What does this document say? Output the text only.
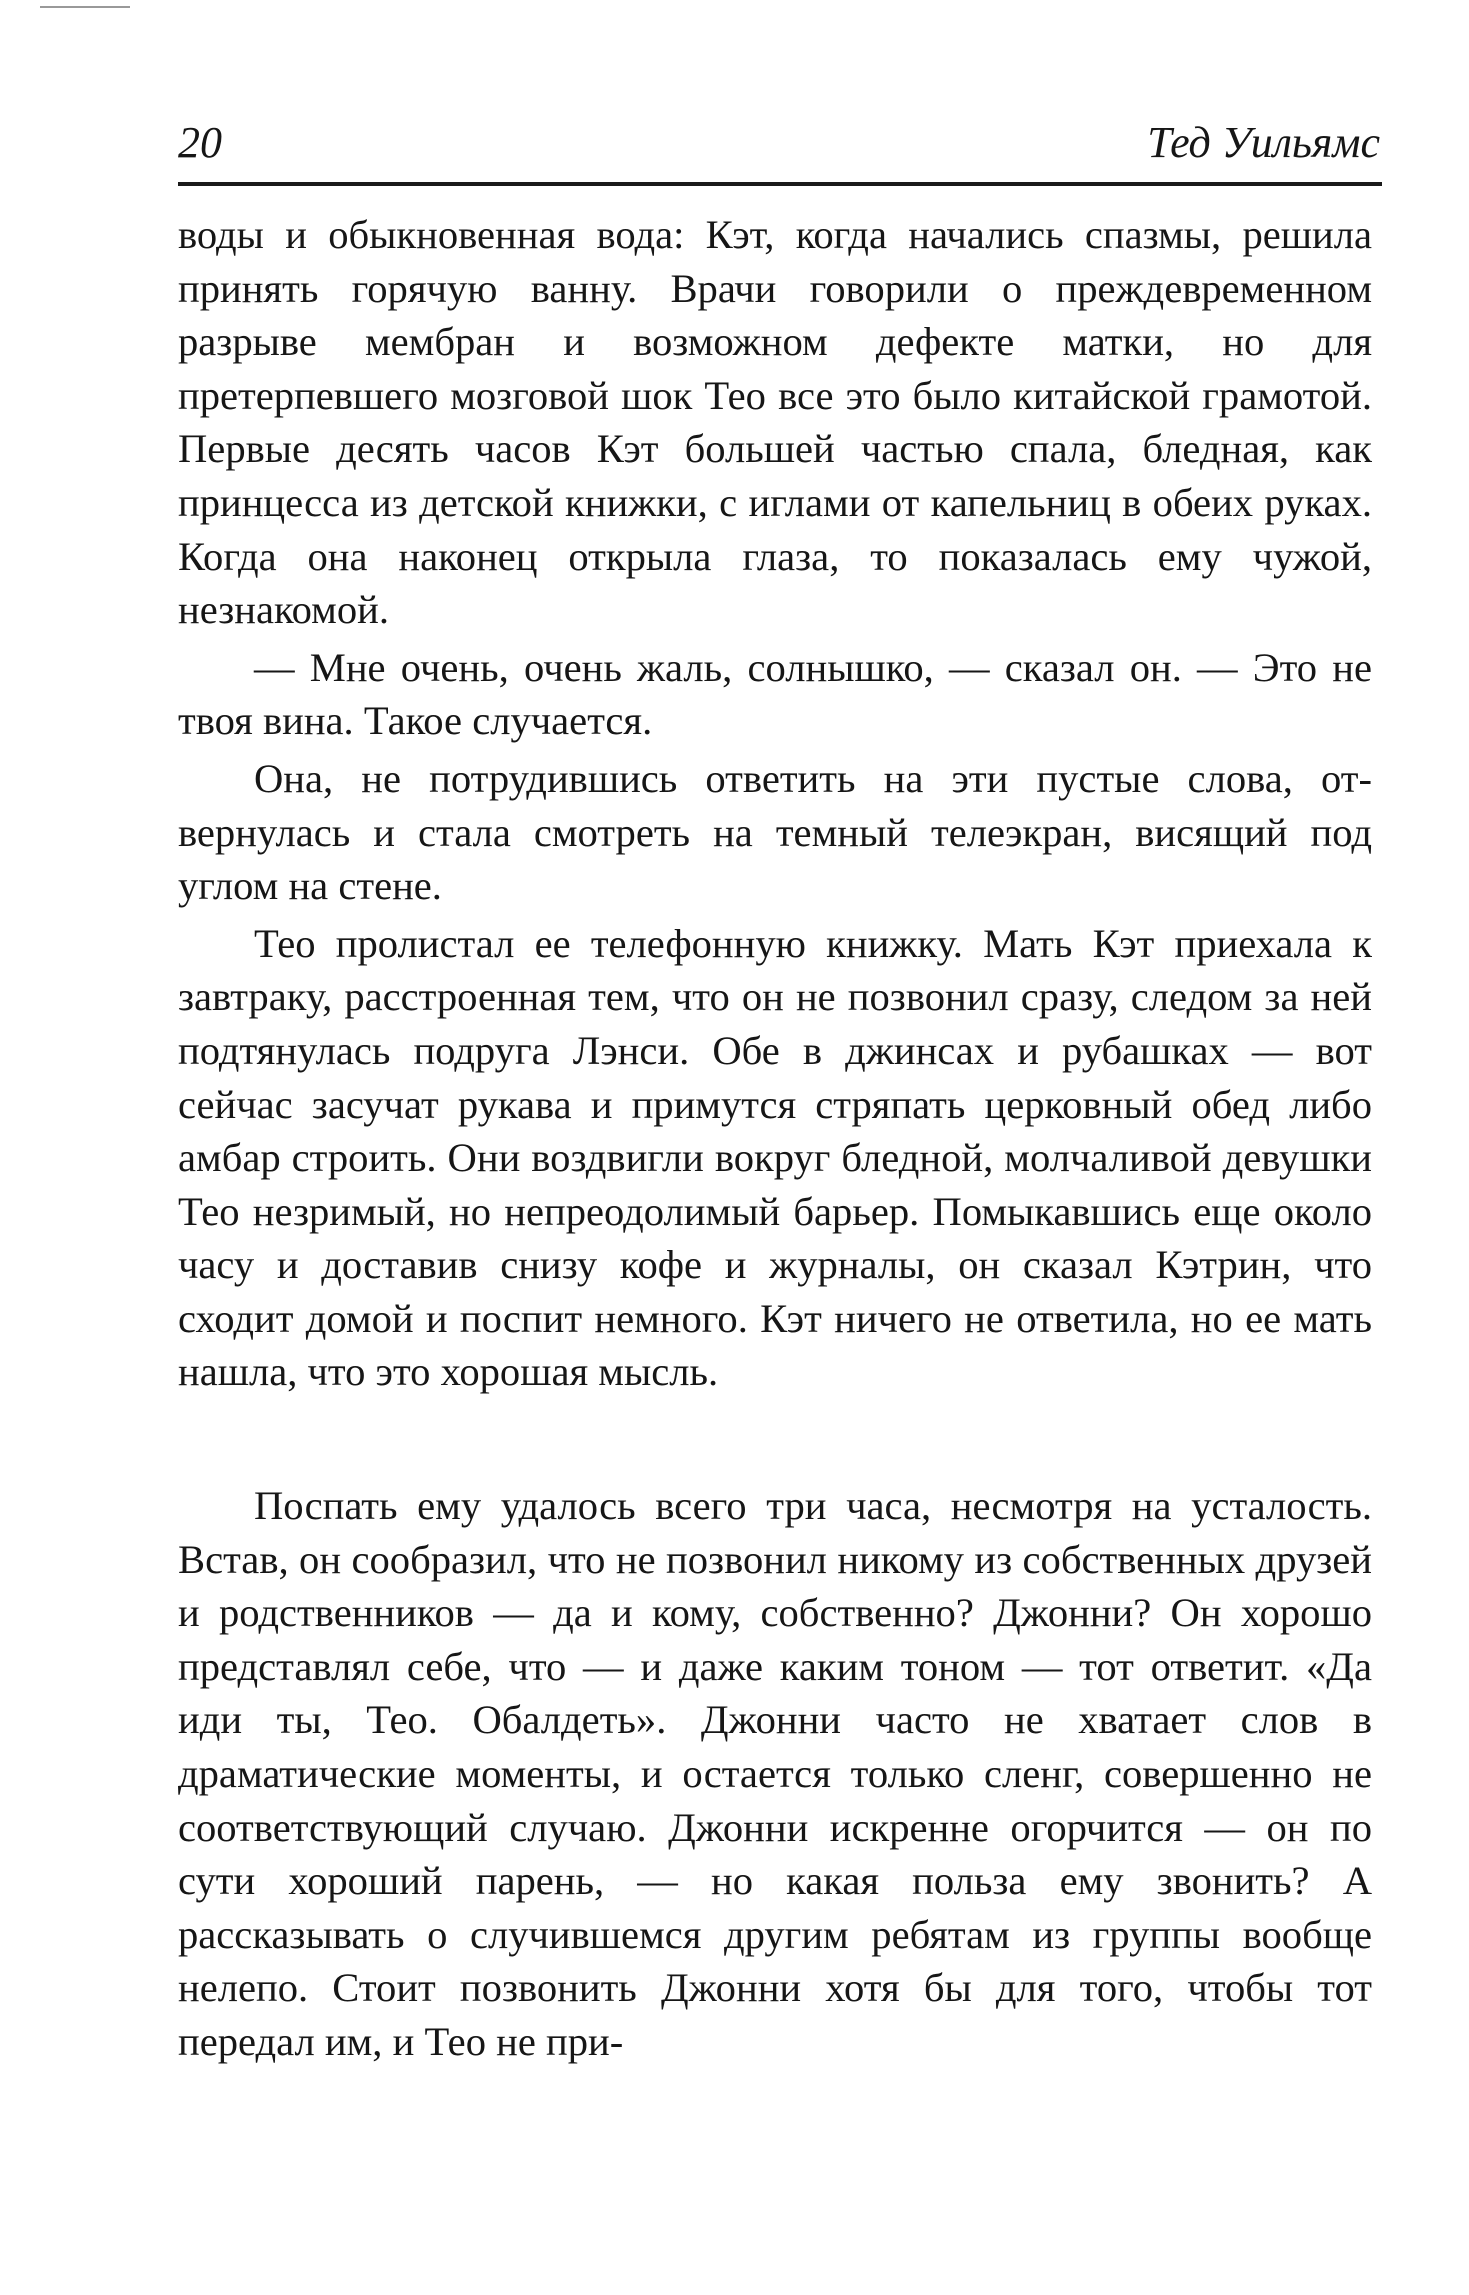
20	Тед Уильямс

воды и обыкновенная вода: Кэт, когда начались спазмы, решила принять горячую ванну. Врачи говорили о преждевременном разрыве мембран и возможном дефекте матки, но для претерпевшего мозговой шок Тео все это было китайской грамотой. Первые десять часов Кэт большей частью спала, бледная, как принцесса из детской книжки, с иглами от капельниц в обеих руках. Когда она наконец открыла глаза, то показалась ему чужой, незнакомой.

— Мне очень, очень жаль, солнышко, — сказал он. — Это не твоя вина. Такое случается.

Она, не потрудившись ответить на эти пустые слова, отвернулась и стала смотреть на темный телеэкран, висящий под углом на стене.

Тео пролистал ее телефонную книжку. Мать Кэт приехала к завтраку, расстроенная тем, что он не позвонил сразу, следом за ней подтянулась подруга Лэнси. Обе в джинсах и рубашках — вот сейчас засучат рукава и примутся стряпать церковный обед либо амбар строить. Они воздвигли вокруг бледной, молчаливой девушки Тео незримый, но непреодолимый барьер. Помыкавшись еще около часу и доставив снизу кофе и журналы, он сказал Кэтрин, что сходит домой и поспит немного. Кэт ничего не ответила, но ее мать нашла, что это хорошая мысль.

Поспать ему удалось всего три часа, несмотря на усталость. Встав, он сообразил, что не позвонил никому из собственных друзей и родственников — да и кому, собственно? Джонни? Он хорошо представлял себе, что — и даже каким тоном — тот ответит. «Да иди ты, Тео. Обалдеть». Джонни часто не хватает слов в драматические моменты, и остается только сленг, совершенно не соответствующий случаю. Джонни искренне огорчится — он по сути хороший парень, — но какая польза ему звонить? А рассказывать о случившемся другим ребятам из группы вообще нелепо. Стоит позвонить Джонни хотя бы для того, чтобы тот передал им, и Тео не при-
